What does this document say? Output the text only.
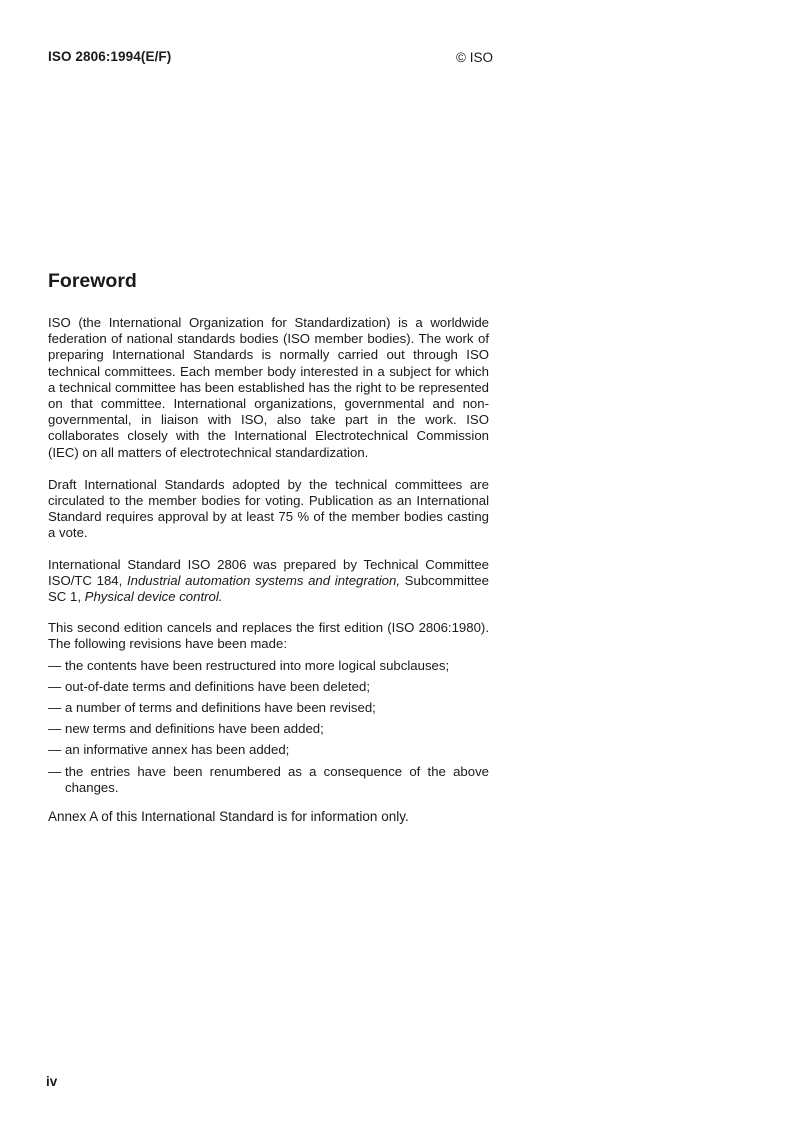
ISO 2806:1994(E/F)	© ISO
Foreword

ISO (the International Organization for Standardization) is a worldwide federation of national standards bodies (ISO member bodies). The work of preparing International Standards is normally carried out through ISO technical committees. Each member body interested in a subject for which a technical committee has been established has the right to be represented on that committee. International organizations, governmental and non-governmental, in liaison with ISO, also take part in the work. ISO collaborates closely with the International Electrotechnical Commission (IEC) on all matters of electrotechnical standardization.

Draft International Standards adopted by the technical committees are circulated to the member bodies for voting. Publication as an International Standard requires approval by at least 75 % of the member bodies casting a vote.

International Standard ISO 2806 was prepared by Technical Committee ISO/TC 184, Industrial automation systems and integration, Subcommittee SC 1, Physical device control.

This second edition cancels and replaces the first edition (ISO 2806:1980). The following revisions have been made:

— the contents have been restructured into more logical subclauses;
— out-of-date terms and definitions have been deleted;
— a number of terms and definitions have been revised;
— new terms and definitions have been added;
— an informative annex has been added;
— the entries have been renumbered as a consequence of the above changes.

Annex A of this International Standard is for information only.

iv
